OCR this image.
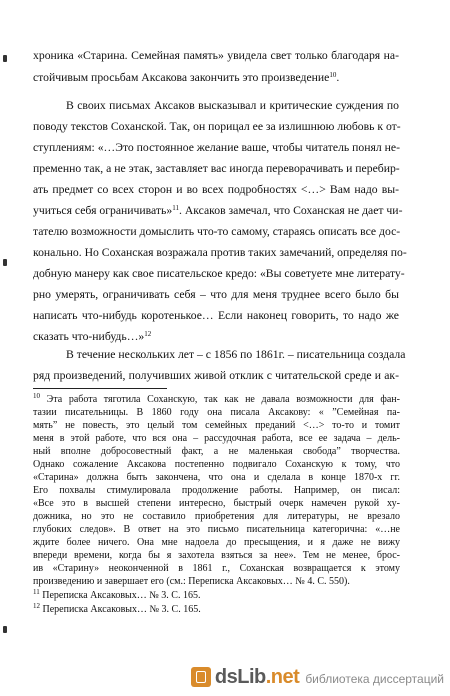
хроника «Старина. Семейная память» увидела свет только благодаря на-
стойчивым просьбам Аксакова закончить это произведение$^{10}$.
В своих письмах Аксаков высказывал и критические суждения по
поводу текстов Соханской. Так, он порицал ее за излишнюю любовь к от-
ступлениям: «…Это постоянное желание ваше, чтобы читатель понял не-
пременно так, а не этак, заставляет вас иногда переворачивать и перебир-
ать предмет со всех сторон и во всех подробностях <…> Вам надо вы-
учиться себя ограничивать»$^{11}$. Аксаков замечал, что Соханская не дает чи-
тателю возможности домыслить что-то самому, стараясь описать все дос-
конально. Но Соханская возражала против таких замечаний, определяя по-
добную манеру как свое писательское кредо: «Вы советуете мне литерату-
рно умерять, ограничивать себя – что для меня труднее всего было бы
написать что-нибудь коротенькое… Если наконец говорить, то надо же
сказать что-нибудь…»$^{12}$
В течение нескольких лет – с 1856 по 1861г. – писательница создала
ряд произведений, получивших живой отклик с читательской среде и ак-
$^{10}$ Эта работа тяготила Соханскую, так как не давала возможности для фан-
тазии писательницы. В 1860 году она писала Аксакову: « ”Семейная па-
мять” не повесть, это целый том семейных преданий <…> то-то и томит
меня в этой работе, что вся она – рассудочная работа, все ее задача – дель-
ный вполне добросовестный факт, а не маленькая свобода” творчества.
Однако сожаление Аксакова постепенно подвигало Соханскую к тому, что
«Старина» должна быть закончена, что она и сделала в конце 1870-х гг.
Его похвалы стимулировала продолжение работы. Например, он писал:
«Все это в высшей степени интересно, быстрый очерк намечен рукой ху-
дожника, но это не составило приобретения для литературы, не врезало
глубоких следов». В ответ на это письмо писательница категорична: «…не
ждите более ничего. Она мне надоела до пресыщения, и я даже не вижу
впереди времени, когда бы я захотела взяться за нее». Тем не менее, брос-
ив «Старину» неоконченной в 1861 г., Соханская возвращается к этому
произведению и завершает его (см.: Переписка Аксаковых… № 4. С. 550).
$^{11}$ Переписка Аксаковых… № 3. С. 165.
$^{12}$ Переписка Аксаковых… № 3. С. 165.
dsLib.net библиотека диссертаций
